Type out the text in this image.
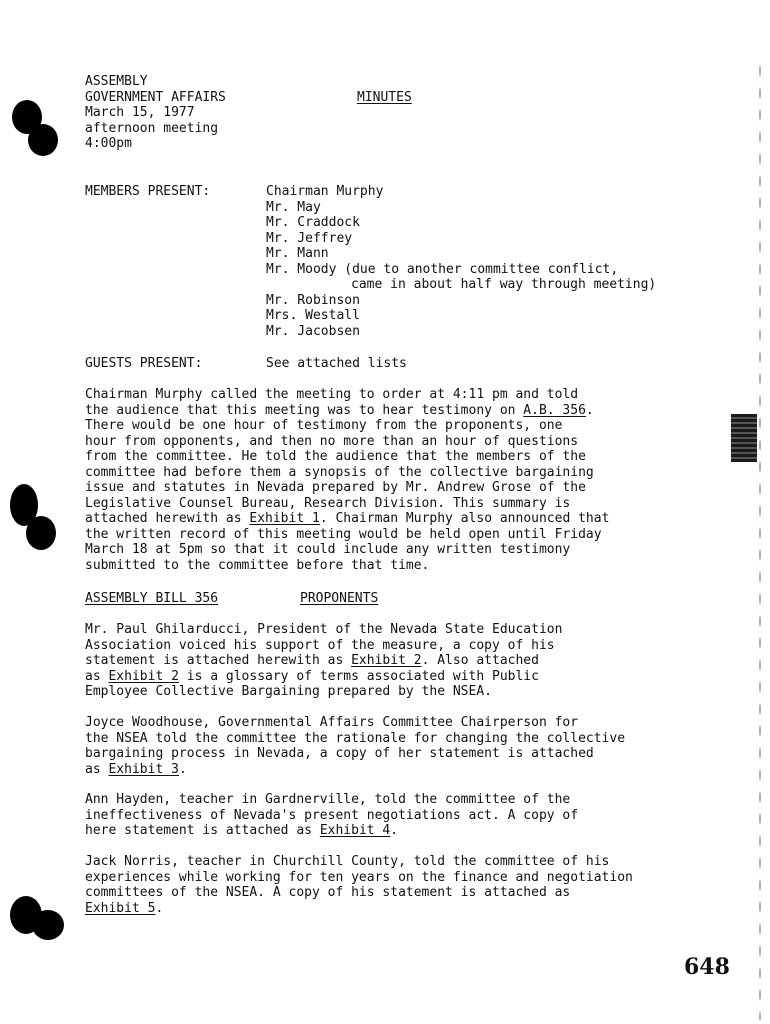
ASSEMBLY
GOVERNMENT AFFAIRS
March 15, 1977
afternoon meeting
4:00pm
MINUTES
MEMBERS PRESENT:	Chairman Murphy
Mr. May
Mr. Craddock
Mr. Jeffrey
Mr. Mann
Mr. Moody (due to another committee conflict,
came in about half way through meeting)
Mr. Robinson
Mrs. Westall
Mr. Jacobsen
GUESTS PRESENT:	See attached lists
Chairman Murphy called the meeting to order at 4:11 pm and told
the audience that this meeting was to hear testimony on A.B. 356.
There would be one hour of testimony from the proponents, one
hour from opponents, and then no more than an hour of questions
from the committee. He told the audience that the members of the
committee had before them a synopsis of the collective bargaining
issue and statutes in Nevada prepared by Mr. Andrew Grose of the
Legislative Counsel Bureau, Research Division. This summary is
attached herewith as Exhibit 1. Chairman Murphy also announced that
the written record of this meeting would be held open until Friday
March 18 at 5pm so that it could include any written testimony
submitted to the committee before that time.
ASSEMBLY BILL 356	PROPONENTS
Mr. Paul Ghilarducci, President of the Nevada State Education
Association voiced his support of the measure, a copy of his
statement is attached herewith as Exhibit 2. Also attached
as Exhibit 2 is a glossary of terms associated with Public
Employee Collective Bargaining prepared by the NSEA.
Joyce Woodhouse, Governmental Affairs Committee Chairperson for
the NSEA told the committee the rationale for changing the collective
bargaining process in Nevada, a copy of her statement is attached
as Exhibit 3.
Ann Hayden, teacher in Gardnerville, told the committee of the
ineffectiveness of Nevada's present negotiations act. A copy of
here statement is attached as Exhibit 4.
Jack Norris, teacher in Churchill County, told the committee of his
experiences while working for ten years on the finance and negotiation
committees of the NSEA. A copy of his statement is attached as
Exhibit 5.
648
